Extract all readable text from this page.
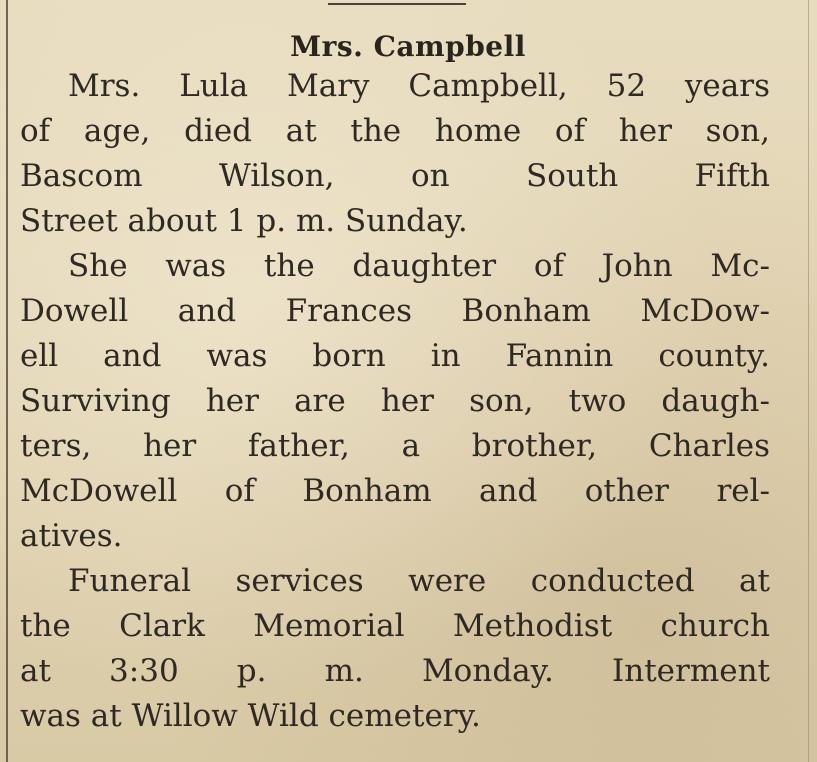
Mrs. Campbell
Mrs. Lula Mary Campbell, 52 years
of age, died at the home of her son,
Bascom Wilson, on South Fifth
Street about 1 p. m. Sunday.
She was the daughter of John Mc-
Dowell and Frances Bonham McDow-
ell and was born in Fannin county.
Surviving her are her son, two daugh-
ters, her father, a brother, Charles
McDowell of Bonham and other rel-
atives.
Funeral services were conducted at
the Clark Memorial Methodist church
at 3:30 p. m. Monday. Interment
was at Willow Wild cemetery.
